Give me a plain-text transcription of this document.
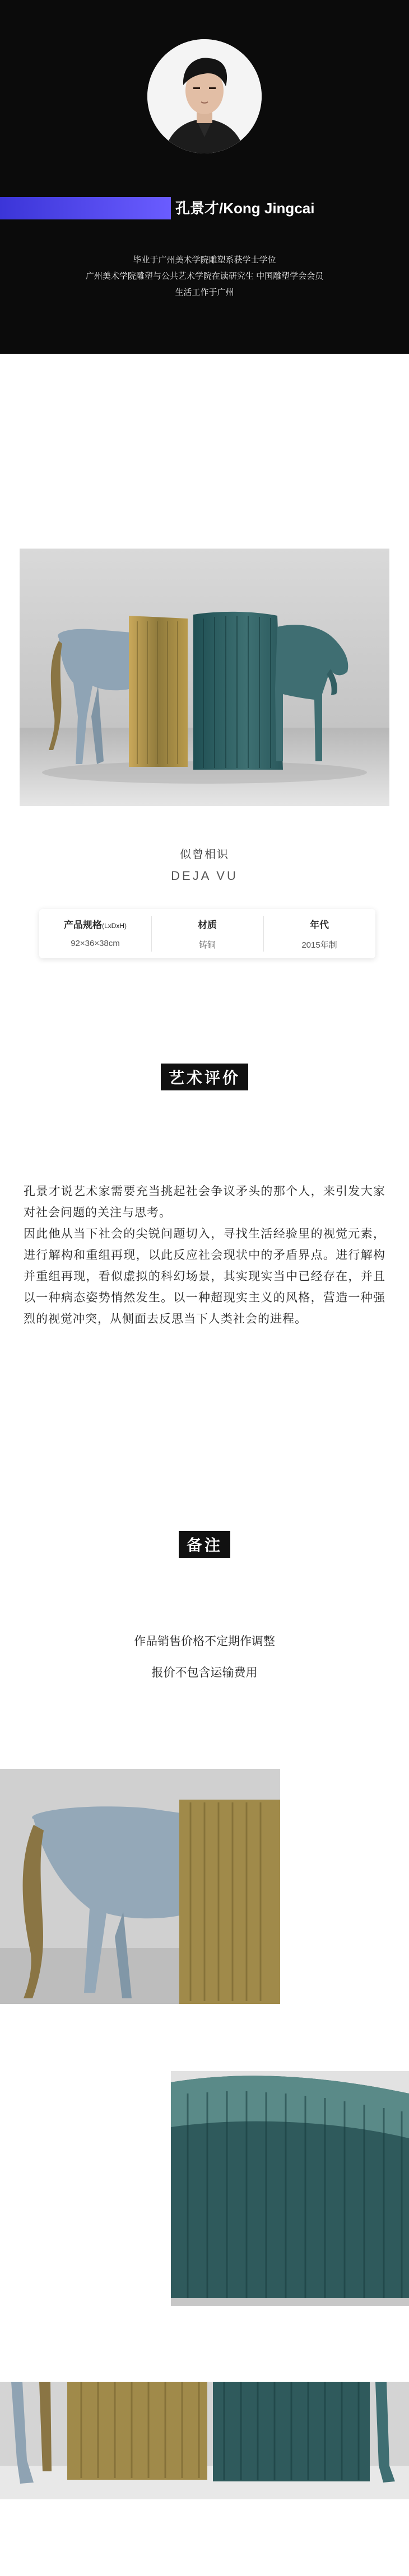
孔景才/Kong Jingcai
毕业于广州美术学院雕塑系获学士学位
广州美术学院雕塑与公共艺术学院在读研究生 中国雕塑学会会员
生活工作于广州
似曾相识
DEJA VU
产品规格(LxDxH)
92×36×38cm
材质
铸铜
年代
2015年制
艺术评价

孔景才说艺术家需要充当挑起社会争议矛头的那个人，来引发大家对社会问题的关注与思考。

因此他从当下社会的尖锐问题切入，寻找生活经验里的视觉元素，进行解构和重组再现，以此反应社会现状中的矛盾界点。进行解构并重组再现，看似虚拟的科幻场景，其实现实当中已经存在，并且以一种病态姿势悄然发生。以一种超现实主义的风格，营造一种强烈的视觉冲突，从侧面去反思当下人类社会的进程。

备注
作品销售价格不定期作调整
报价不包含运输费用
